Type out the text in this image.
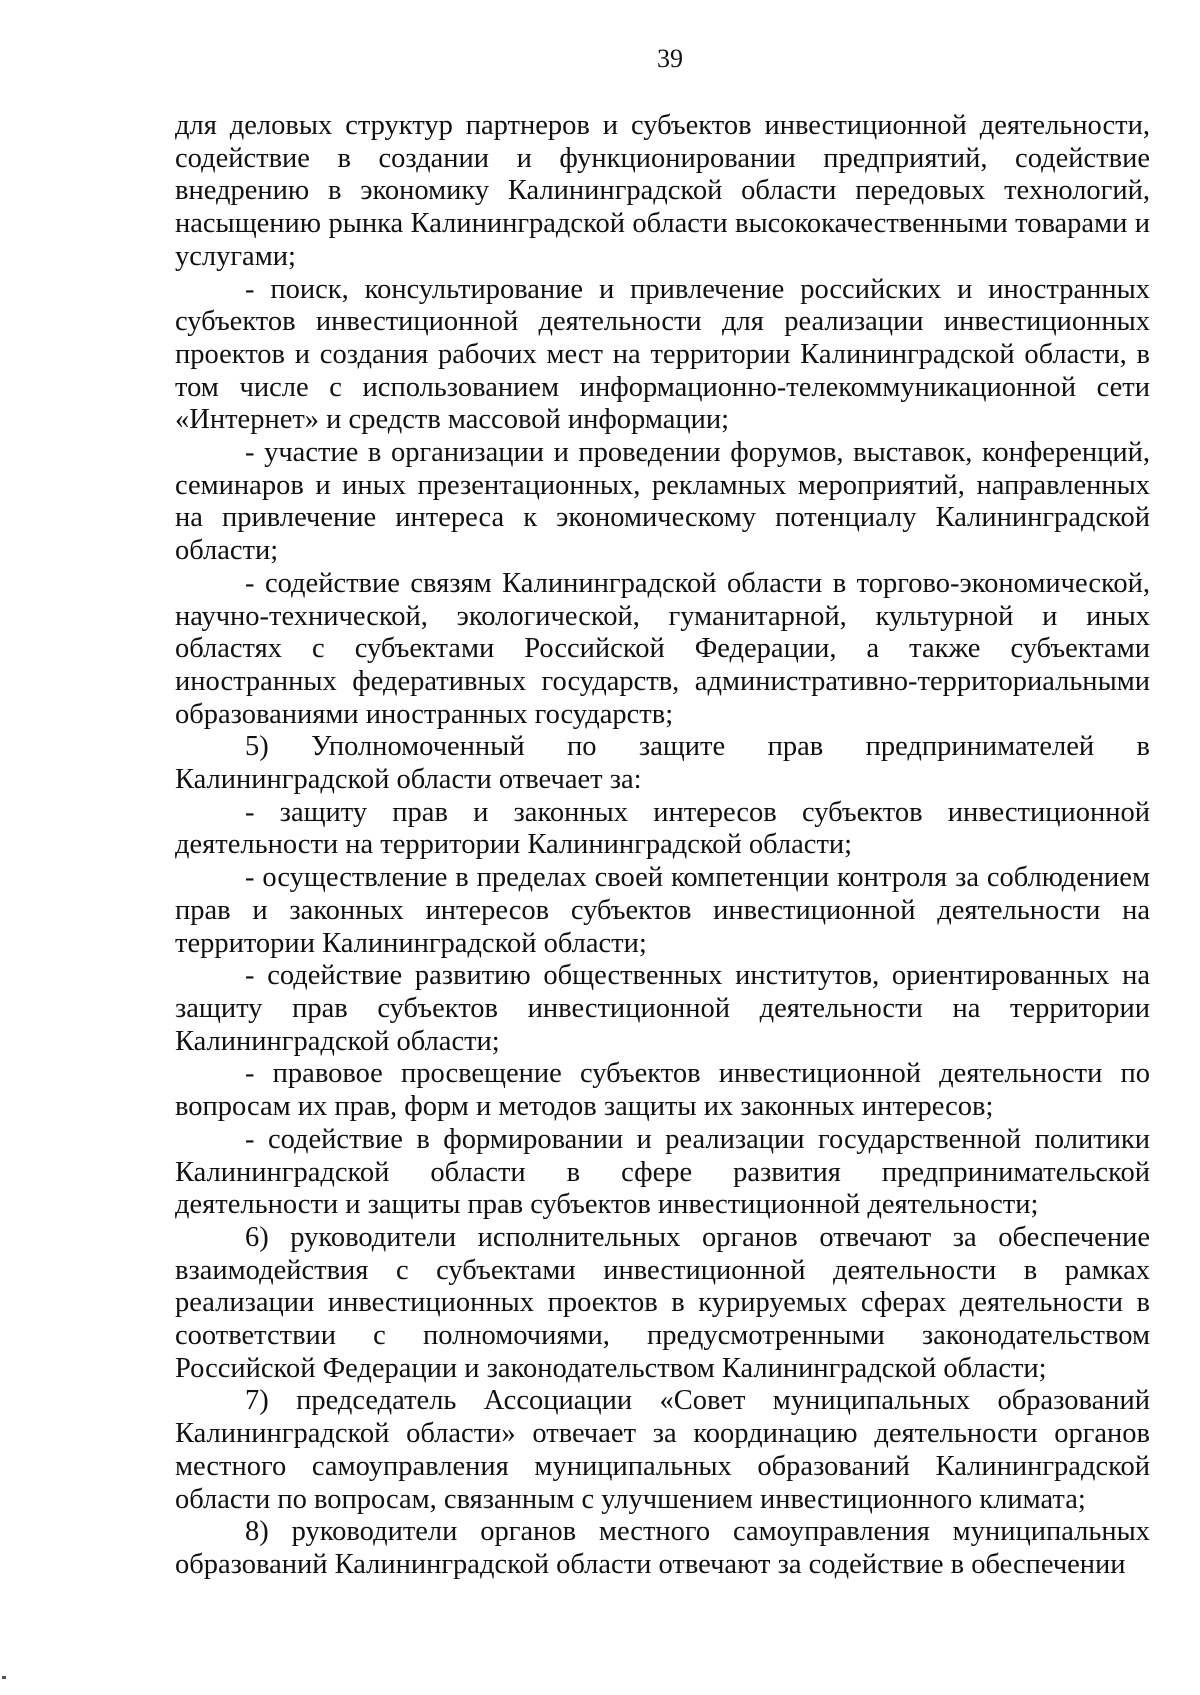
39

для деловых структур партнеров и субъектов инвестиционной деятельности, содействие в создании и функционировании предприятий, содействие внедрению в экономику Калининградской области передовых технологий, насыщению рынка Калининградской области высококачественными товарами и услугами;

- поиск, консультирование и привлечение российских и иностранных субъектов инвестиционной деятельности для реализации инвестиционных проектов и создания рабочих мест на территории Калининградской области, в том числе с использованием информационно-телекоммуникационной сети «Интернет» и средств массовой информации;

- участие в организации и проведении форумов, выставок, конференций, семинаров и иных презентационных, рекламных мероприятий, направленных на привлечение интереса к экономическому потенциалу Калининградской области;

- содействие связям Калининградской области в торгово-экономической, научно-технической, экологической, гуманитарной, культурной и иных областях с субъектами Российской Федерации, а также субъектами иностранных федеративных государств, административно-территориальными образованиями иностранных государств;

5) Уполномоченный по защите прав предпринимателей в Калининградской области отвечает за:

- защиту прав и законных интересов субъектов инвестиционной деятельности на территории Калининградской области;

- осуществление в пределах своей компетенции контроля за соблюдением прав и законных интересов субъектов инвестиционной деятельности на территории Калининградской области;

- содействие развитию общественных институтов, ориентированных на защиту прав субъектов инвестиционной деятельности на территории Калининградской области;

- правовое просвещение субъектов инвестиционной деятельности по вопросам их прав, форм и методов защиты их законных интересов;

- содействие в формировании и реализации государственной политики Калининградской области в сфере развития предпринимательской деятельности и защиты прав субъектов инвестиционной деятельности;

6) руководители исполнительных органов отвечают за обеспечение взаимодействия с субъектами инвестиционной деятельности в рамках реализации инвестиционных проектов в курируемых сферах деятельности в соответствии с полномочиями, предусмотренными законодательством Российской Федерации и законодательством Калининградской области;

7) председатель Ассоциации «Совет муниципальных образований Калининградской области» отвечает за координацию деятельности органов местного самоуправления муниципальных образований Калининградской области по вопросам, связанным с улучшением инвестиционного климата;

8) руководители органов местного самоуправления муниципальных образований Калининградской области отвечают за содействие в обеспечении
